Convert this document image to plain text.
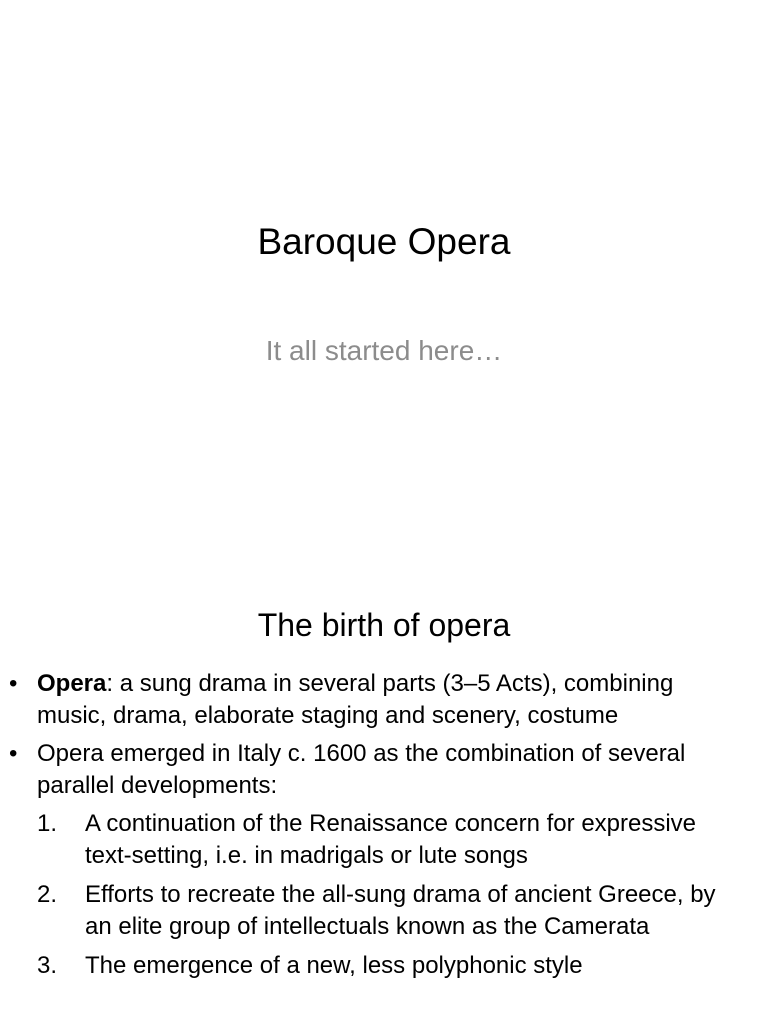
Baroque Opera
It all started here…
The birth of opera
• Opera: a sung drama in several parts (3–5 Acts), combining music, drama, elaborate staging and scenery, costume
• Opera emerged in Italy c. 1600 as the combination of several parallel developments:
1. A continuation of the Renaissance concern for expressive text-setting, i.e. in madrigals or lute songs
2. Efforts to recreate the all-sung drama of ancient Greece, by an elite group of intellectuals known as the Camerata
3. The emergence of a new, less polyphonic style
